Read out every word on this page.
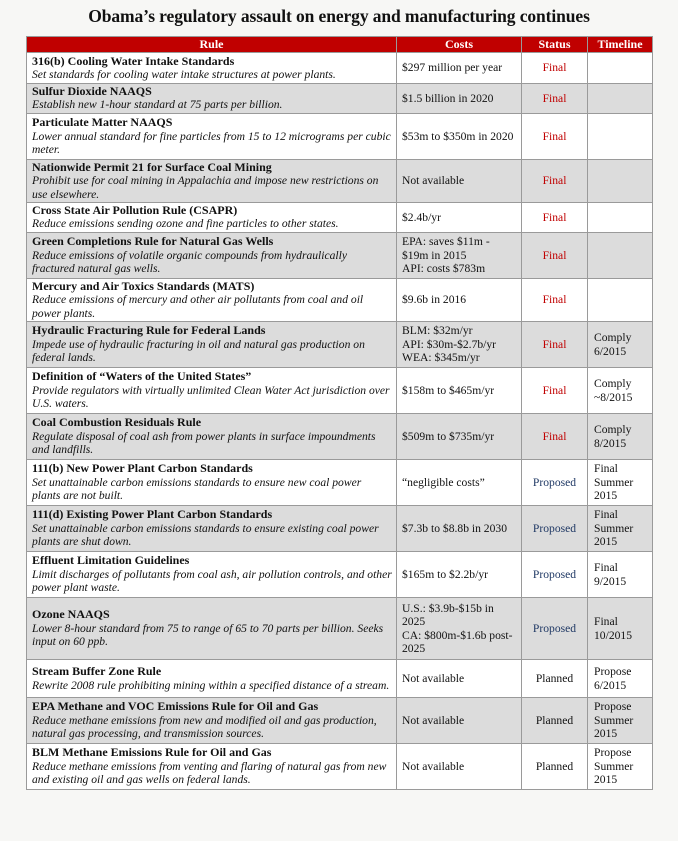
Obama’s regulatory assault on energy and manufacturing continues
Rule	Costs	Status	Timeline

316(b) Cooling Water Intake Standards
Set standards for cooling water intake structures at power plants.	$297 million per year	Final	

Sulfur Dioxide NAAQS
Establish new 1-hour standard at 75 parts per billion.	$1.5 billion in 2020	Final	

Particulate Matter NAAQS
Lower annual standard for fine particles from 15 to 12 micrograms per cubic meter.	$53m to $350m in 2020	Final	

Nationwide Permit 21 for Surface Coal Mining
Prohibit use for coal mining in Appalachia and impose new restrictions on use elsewhere.	Not available	Final	

Cross State Air Pollution Rule (CSAPR)
Reduce emissions sending ozone and fine particles to other states.	$2.4b/yr	Final	

Green Completions Rule for Natural Gas Wells
Reduce emissions of volatile organic compounds from hydraulically fractured natural gas wells.	EPA: saves $11m - $19m in 2015
API: costs $783m	Final	

Mercury and Air Toxics Standards (MATS)
Reduce emissions of mercury and other air pollutants from coal and oil power plants.	$9.6b in 2016	Final	

Hydraulic Fracturing Rule for Federal Lands
Impede use of hydraulic fracturing in oil and natural gas production on federal lands.	BLM: $32m/yr
API: $30m-$2.7b/yr
WEA: $345m/yr	Final	Comply
6/2015

Definition of “Waters of the United States”
Provide regulators with virtually unlimited Clean Water Act jurisdiction over U.S. waters.	$158m to $465m/yr	Final	Comply
~8/2015

Coal Combustion Residuals Rule
Regulate disposal of coal ash from power plants in surface impoundments and landfills.	$509m to $735m/yr	Final	Comply
8/2015

111(b) New Power Plant Carbon Standards
Set unattainable carbon emissions standards to ensure new coal power plants are not built.	“negligible costs”	Proposed	Final
Summer
2015

111(d) Existing Power Plant Carbon Standards
Set unattainable carbon emissions standards to ensure existing coal power plants are shut down.	$7.3b to $8.8b in 2030	Proposed	Final
Summer
2015

Effluent Limitation Guidelines
Limit discharges of pollutants from coal ash, air pollution controls, and other power plant waste.	$165m to $2.2b/yr	Proposed	Final
9/2015

Ozone NAAQS
Lower 8-hour standard from 75 to range of 65 to 70 parts per billion. Seeks input on 60 ppb.	U.S.: $3.9b-$15b in 2025
CA: $800m-$1.6b post-2025	Proposed	Final
10/2015

Stream Buffer Zone Rule
Rewrite 2008 rule prohibiting mining within a specified distance of a stream.	Not available	Planned	Propose
6/2015

EPA Methane and VOC Emissions Rule for Oil and Gas
Reduce methane emissions from new and modified oil and gas production, natural gas processing, and transmission sources.	Not available	Planned	Propose
Summer
2015

BLM Methane Emissions Rule for Oil and Gas
Reduce methane emissions from venting and flaring of natural gas from new and existing oil and gas wells on federal lands.	Not available	Planned	Propose
Summer
2015
